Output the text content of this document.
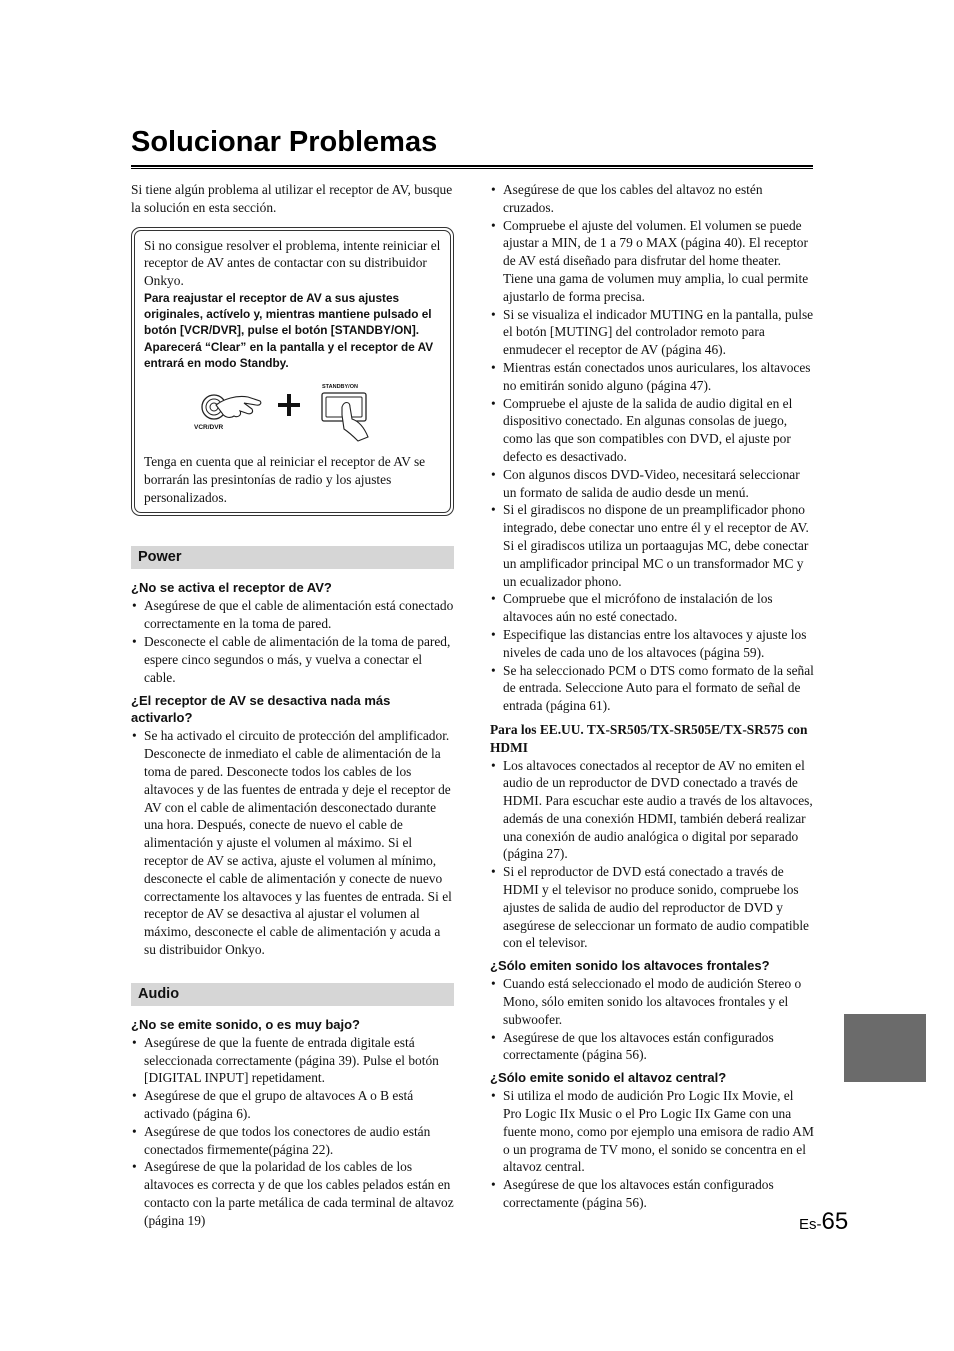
Solucionar Problemas

Si tiene algún problema al utilizar el receptor de AV, busque la solución en esta sección.

Si no consigue resolver el problema, intente reiniciar el receptor de AV antes de contactar con su distribuidor Onkyo.

Para reajustar el receptor de AV a sus ajustes originales, actívelo y, mientras mantiene pulsado el botón [VCR/DVR], pulse el botón [STANDBY/ON]. Aparecerá “Clear” en la pantalla y el receptor de AV entrará en modo Standby.

VCR/DVR
STANDBY/ON

Tenga en cuenta que al reiniciar el receptor de AV se borrarán las presintonías de radio y los ajustes personalizados.

Power

¿No se activa el receptor de AV?

• Asegúrese de que el cable de alimentación está conectado correctamente en la toma de pared.
• Desconecte el cable de alimentación de la toma de pared, espere cinco segundos o más, y vuelva a conectar el cable.

¿El receptor de AV se desactiva nada más activarlo?

• Se ha activado el circuito de protección del amplificador. Desconecte de inmediato el cable de alimentación de la toma de pared. Desconecte todos los cables de los altavoces y de las fuentes de entrada y deje el receptor de AV con el cable de alimentación desconectado durante una hora. Después, conecte de nuevo el cable de alimentación y ajuste el volumen al máximo. Si el receptor de AV se activa, ajuste el volumen al mínimo, desconecte el cable de alimentación y conecte de nuevo correctamente los altavoces y las fuentes de entrada. Si el receptor de AV se desactiva al ajustar el volumen al máximo, desconecte el cable de alimentación y acuda a su distribuidor Onkyo.
Audio

¿No se emite sonido, o es muy bajo?

• Asegúrese de que la fuente de entrada digitale está seleccionada correctamente (página 39). Pulse el botón [DIGITAL INPUT] repetidament.
• Asegúrese de que el grupo de altavoces A o B está activado (página 6).
• Asegúrese de que todos los conectores de audio están conectados firmemente(página 22).
• Asegúrese de que la polaridad de los cables de los altavoces es correcta y de que los cables pelados están en contacto con la parte metálica de cada terminal de altavoz (página 19)
• Asegúrese de que los cables del altavoz no estén cruzados.
• Compruebe el ajuste del volumen. El volumen se puede ajustar a MIN, de 1 a 79 o MAX (página 40). El receptor de AV está diseñado para disfrutar del home theater. Tiene una gama de volumen muy amplia, lo cual permite ajustarlo de forma precisa.
• Si se visualiza el indicador MUTING en la pantalla, pulse el botón [MUTING] del controlador remoto para enmudecer el receptor de AV (página 46).
• Mientras están conectados unos auriculares, los altavoces no emitirán sonido alguno (página 47).
• Compruebe el ajuste de la salida de audio digital en el dispositivo conectado. En algunas consolas de juego, como las que son compatibles con DVD, el ajuste por defecto es desactivado.
• Con algunos discos DVD-Video, necesitará seleccionar un formato de salida de audio desde un menú.
• Si el giradiscos no dispone de un preamplificador phono integrado, debe conectar uno entre él y el receptor de AV. Si el giradiscos utiliza un portaagujas MC, debe conectar un amplificador principal MC o un transformador MC y un ecualizador phono.
• Compruebe que el micrófono de instalación de los altavoces aún no esté conectado.
• Especifique las distancias entre los altavoces y ajuste los niveles de cada uno de los altavoces (página 59).
• Se ha seleccionado PCM o DTS como formato de la señal de entrada. Seleccione Auto para el formato de señal de entrada (página 61).

Para los EE.UU. TX-SR505/TX-SR505E/TX-SR575 con HDMI

• Los altavoces conectados al receptor de AV no emiten el audio de un reproductor de DVD conectado a través de HDMI. Para escuchar este audio a través de los altavoces, además de una conexión HDMI, también deberá realizar una conexión de audio analógica o digital por separado (página 27).
• Si el reproductor de DVD está conectado a través de HDMI y el televisor no produce sonido, compruebe los ajustes de salida de audio del reproductor de DVD y asegúrese de seleccionar un formato de audio compatible con el televisor.

¿Sólo emiten sonido los altavoces frontales?

• Cuando está seleccionado el modo de audición Stereo o Mono, sólo emiten sonido los altavoces frontales y el subwoofer.
• Asegúrese de que los altavoces están configurados correctamente (página 56).

¿Sólo emite sonido el altavoz central?

• Si utiliza el modo de audición Pro Logic IIx Movie, el Pro Logic IIx Music o el Pro Logic IIx Game con una fuente mono, como por ejemplo una emisora de radio AM o un programa de TV mono, el sonido se concentra en el altavoz central.
• Asegúrese de que los altavoces están configurados correctamente (página 56).
Es-65
